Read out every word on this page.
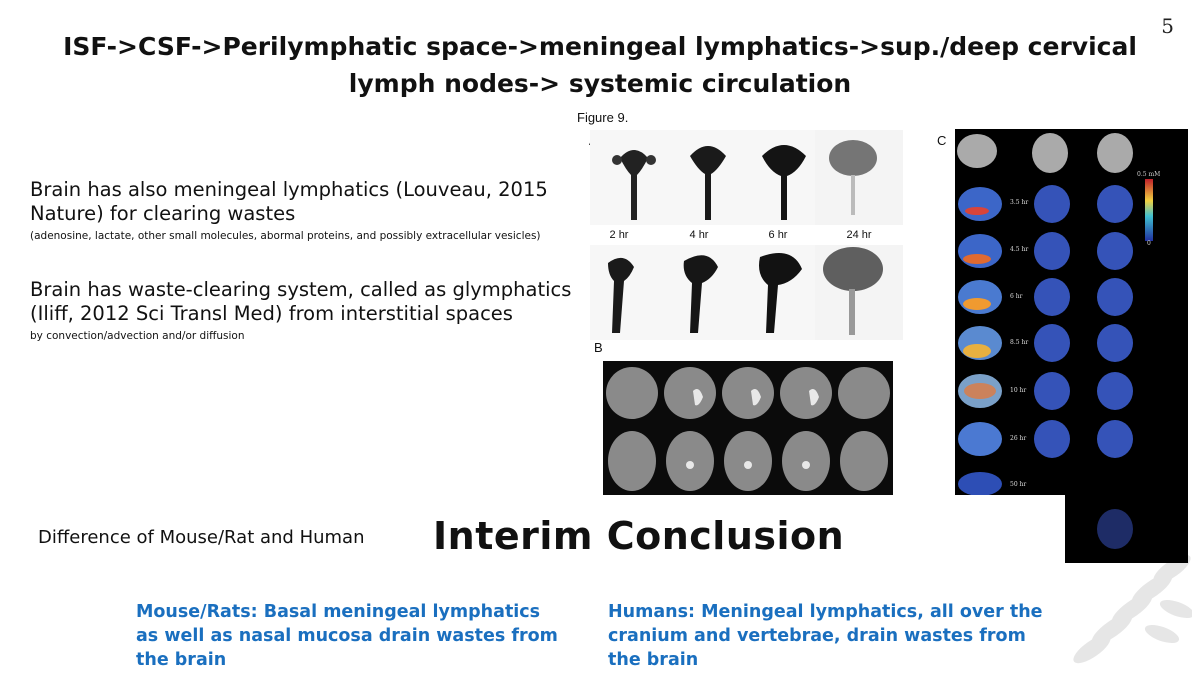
5
ISF->CSF->Perilymphatic space->meningeal lymphatics->sup./deep cervical lymph nodes-> systemic circulation
Brain has also meningeal lymphatics (Louveau, 2015 Nature) for clearing wastes
(adenosine, lactate, other small molecules, abormal proteins, and possibly extracellular vesicles)
Brain has waste-clearing system, called as glymphatics (Iliff, 2012 Sci Transl Med) from interstitial spaces
by convection/advection and/or diffusion
Figure 9.
B
C
2 hr	4 hr	6 hr	24 hr
0.5 mM
0
3.5 hr
4.5 hr
6 hr
8.5 hr
10 hr
26 hr
50 hr
Difference of Mouse/Rat and Human Interim Conclusion
Mouse/Rats: Basal meningeal lymphatics as well as nasal mucosa drain wastes from the brain
Humans: Meningeal lymphatics, all over the cranium and vertebrae, drain wastes from the brain
